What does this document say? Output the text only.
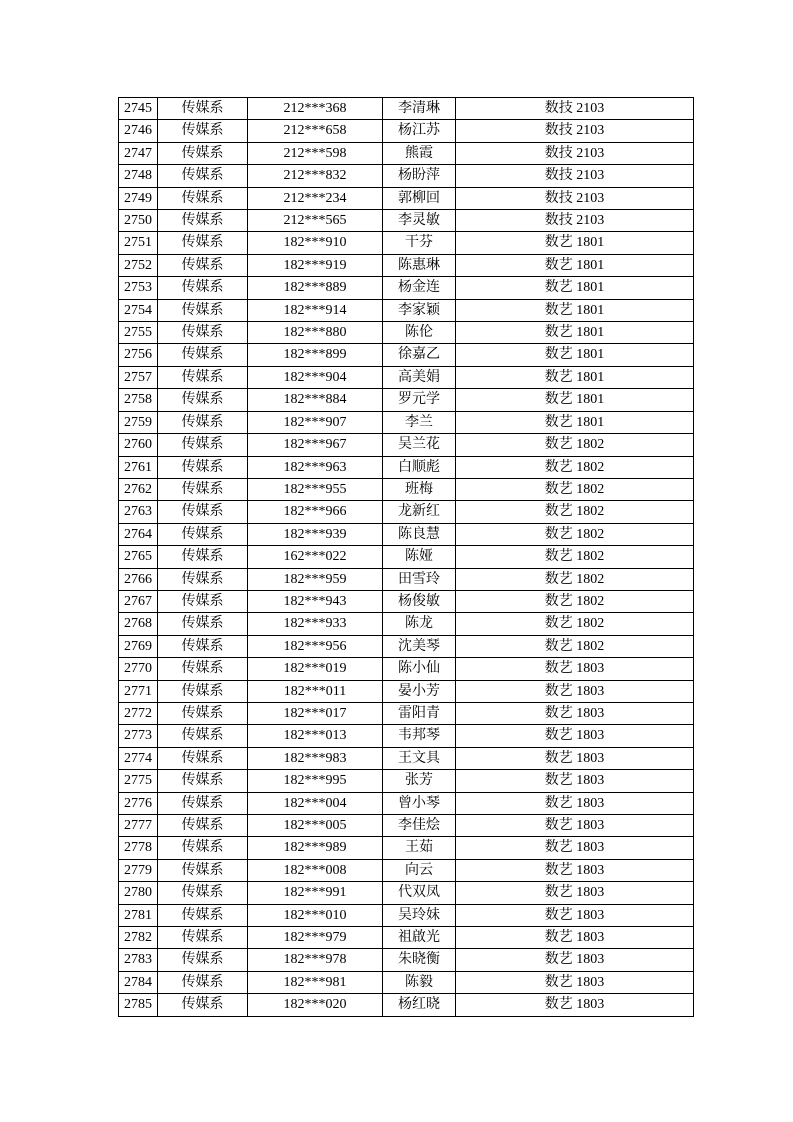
2745	传媒系	212***368	李清琳	数技 2103
2746	传媒系	212***658	杨江苏	数技 2103
2747	传媒系	212***598	熊霞	数技 2103
2748	传媒系	212***832	杨盼萍	数技 2103
2749	传媒系	212***234	郭柳回	数技 2103
2750	传媒系	212***565	李灵敏	数技 2103
2751	传媒系	182***910	干芬	数艺 1801
2752	传媒系	182***919	陈惠琳	数艺 1801
2753	传媒系	182***889	杨金连	数艺 1801
2754	传媒系	182***914	李家颖	数艺 1801
2755	传媒系	182***880	陈伦	数艺 1801
2756	传媒系	182***899	徐嘉乙	数艺 1801
2757	传媒系	182***904	高美娟	数艺 1801
2758	传媒系	182***884	罗元学	数艺 1801
2759	传媒系	182***907	李兰	数艺 1801
2760	传媒系	182***967	吴兰花	数艺 1802
2761	传媒系	182***963	白顺彪	数艺 1802
2762	传媒系	182***955	班梅	数艺 1802
2763	传媒系	182***966	龙新红	数艺 1802
2764	传媒系	182***939	陈良慧	数艺 1802
2765	传媒系	162***022	陈娅	数艺 1802
2766	传媒系	182***959	田雪玲	数艺 1802
2767	传媒系	182***943	杨俊敏	数艺 1802
2768	传媒系	182***933	陈龙	数艺 1802
2769	传媒系	182***956	沈美琴	数艺 1802
2770	传媒系	182***019	陈小仙	数艺 1803
2771	传媒系	182***011	晏小芳	数艺 1803
2772	传媒系	182***017	雷阳青	数艺 1803
2773	传媒系	182***013	韦邦琴	数艺 1803
2774	传媒系	182***983	王文具	数艺 1803
2775	传媒系	182***995	张芳	数艺 1803
2776	传媒系	182***004	曾小琴	数艺 1803
2777	传媒系	182***005	李佳烩	数艺 1803
2778	传媒系	182***989	王茹	数艺 1803
2779	传媒系	182***008	向云	数艺 1803
2780	传媒系	182***991	代双凤	数艺 1803
2781	传媒系	182***010	吴玲妹	数艺 1803
2782	传媒系	182***979	祖啟光	数艺 1803
2783	传媒系	182***978	朱晓衡	数艺 1803
2784	传媒系	182***981	陈毅	数艺 1803
2785	传媒系	182***020	杨红晓	数艺 1803
